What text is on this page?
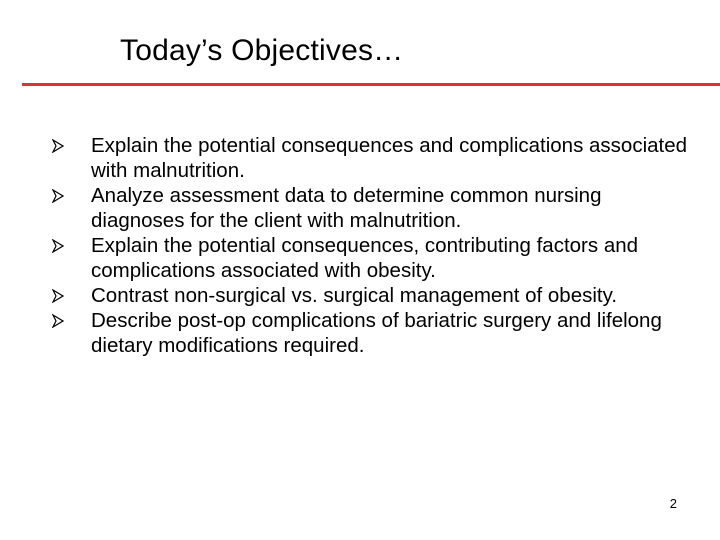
Today’s Objectives…
Explain the potential consequences and complications associated with malnutrition.
Analyze assessment data to determine common nursing diagnoses for the client with malnutrition.
Explain the potential consequences, contributing factors and complications associated with obesity.
Contrast non-surgical vs. surgical management of obesity.
Describe post-op complications of bariatric surgery and lifelong dietary modifications required.
2
